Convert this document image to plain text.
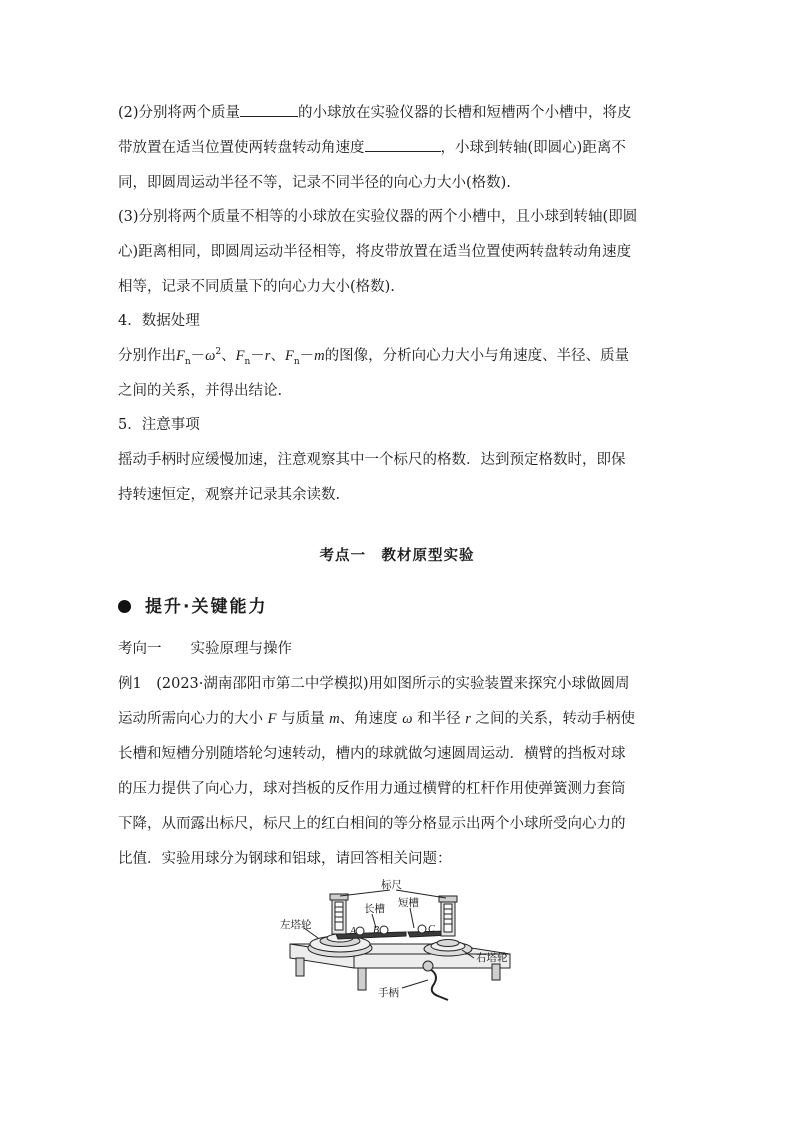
(2)分别将两个质量	的小球放在实验仪器的长槽和短槽两个小槽中，将皮
带放置在适当位置使两转盘转动角速度	，小球到转轴(即圆心)距离不
同，即圆周运动半径不等，记录不同半径的向心力大小(格数).

(3)分别将两个质量不相等的小球放在实验仪器的两个小槽中，且小球到转轴(即圆
心)距离相同，即圆周运动半径相等，将皮带放置在适当位置使两转盘转动角速度
相等，记录不同质量下的向心力大小(格数).

4．数据处理
分别作出$F_n-\omega^2$、$F_n-r$、$F_n-m$的图像，分析向心力大小与角速度、半径、质量
之间的关系，并得出结论.

5．注意事项
摇动手柄时应缓慢加速，注意观察其中一个标尺的格数．达到预定格数时，即保
持转速恒定，观察并记录其余读数.

考点一　教材原型实验
提升·关键能力

考向一　　实验原理与操作
例1　(2023·湖南邵阳市第二中学模拟)用如图所示的实验装置来探究小球做圆周
运动所需向心力的大小 F 与质量 m、角速度 ω 和半径 r 之间的关系，转动手柄使
长槽和短槽分别随塔轮匀速转动，槽内的球就做匀速圆周运动．横臂的挡板对球
的压力提供了向心力，球对挡板的反作用力通过横臂的杠杆作用使弹簧测力套筒
下降，从而露出标尺，标尺上的红白相间的等分格显示出两个小球所受向心力的
比值．实验用球分为钢球和铝球，请回答相关问题：

标尺
长槽
短槽
左塔轮
右塔轮
手柄
A B	C
